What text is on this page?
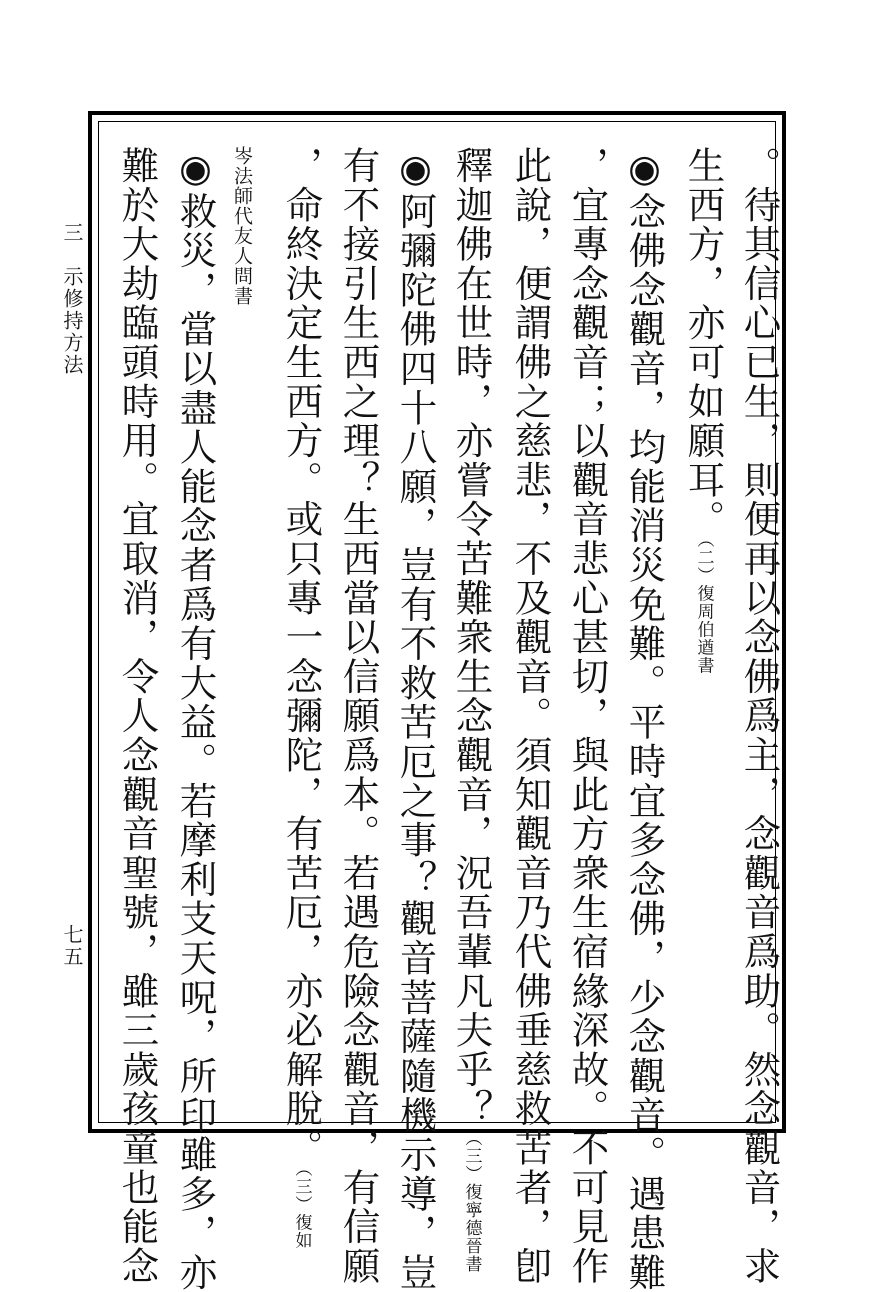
三　示修持方法
七五	。待其信心已生，則便再以念佛爲主，念觀音爲助。然念觀音，求
生西方，亦可如願耳。（二）復周伯遒書
◉念佛念觀音，均能消災免難。平時宜多念佛，少念觀音。遇患難
，宜專念觀音；以觀音悲心甚切，與此方衆生宿緣深故。不可見作
此說，便謂佛之慈悲，不及觀音。須知觀音乃代佛垂慈救苦者，卽
釋迦佛在世時，亦嘗令苦難衆生念觀音，況吾輩凡夫乎？（三）復寧德晉書
◉阿彌陀佛四十八願，豈有不救苦厄之事？觀音菩薩隨機示導，豈
有不接引生西之理？生西當以信願爲本。若遇危險念觀音，有信願
，命終決定生西方。或只專一念彌陀，有苦厄，亦必解脫。（三）復如
岑法師代友人問書
◉救災，當以盡人能念者爲有大益。若摩利支天呪，所印雖多，亦
難於大劫臨頭時用。宜取消，令人念觀音聖號，雖三歲孩童也能念
